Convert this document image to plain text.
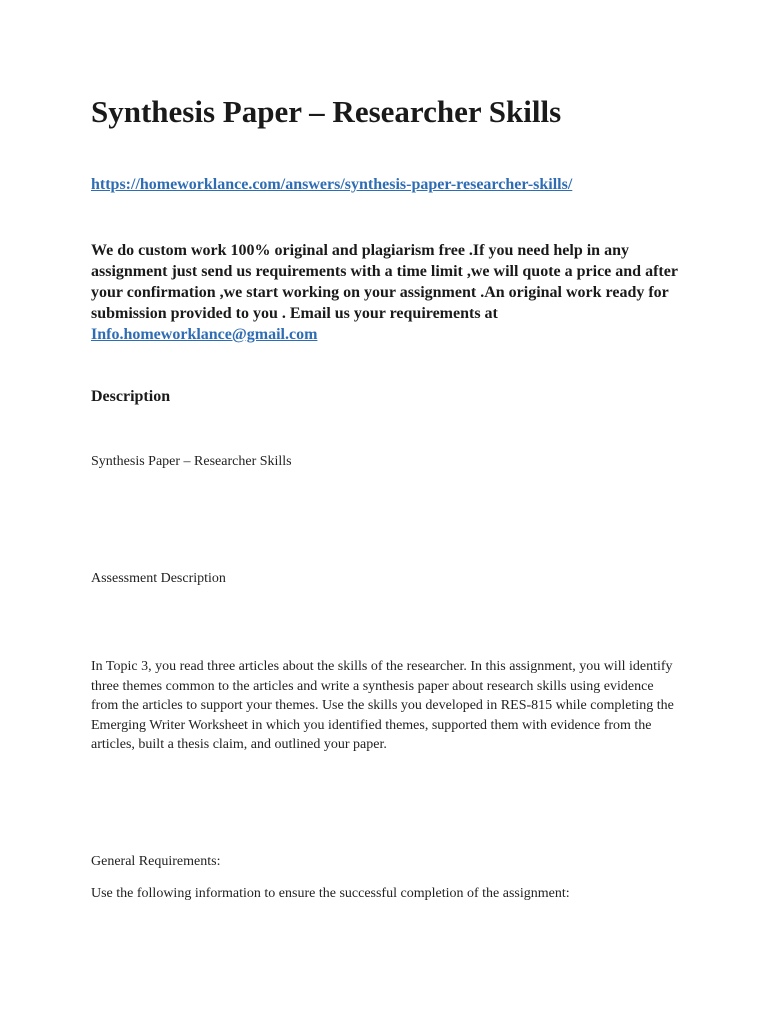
Synthesis Paper – Researcher Skills
https://homeworklance.com/answers/synthesis-paper-researcher-skills/

We do custom work 100% original and plagiarism free .If you need help in any assignment just send us requirements with a time limit ,we will quote a price and after your confirmation ,we start working on your assignment .An original work ready for submission provided to you . Email us your requirements at
Info.homeworklance@gmail.com

Description

Synthesis Paper – Researcher Skills

Assessment Description

In Topic 3, you read three articles about the skills of the researcher. In this assignment, you will identify three themes common to the articles and write a synthesis paper about research skills using evidence from the articles to support your themes. Use the skills you developed in RES-815 while completing the Emerging Writer Worksheet in which you identified themes, supported them with evidence from the articles, built a thesis claim, and outlined your paper.

General Requirements:

Use the following information to ensure the successful completion of the assignment:
